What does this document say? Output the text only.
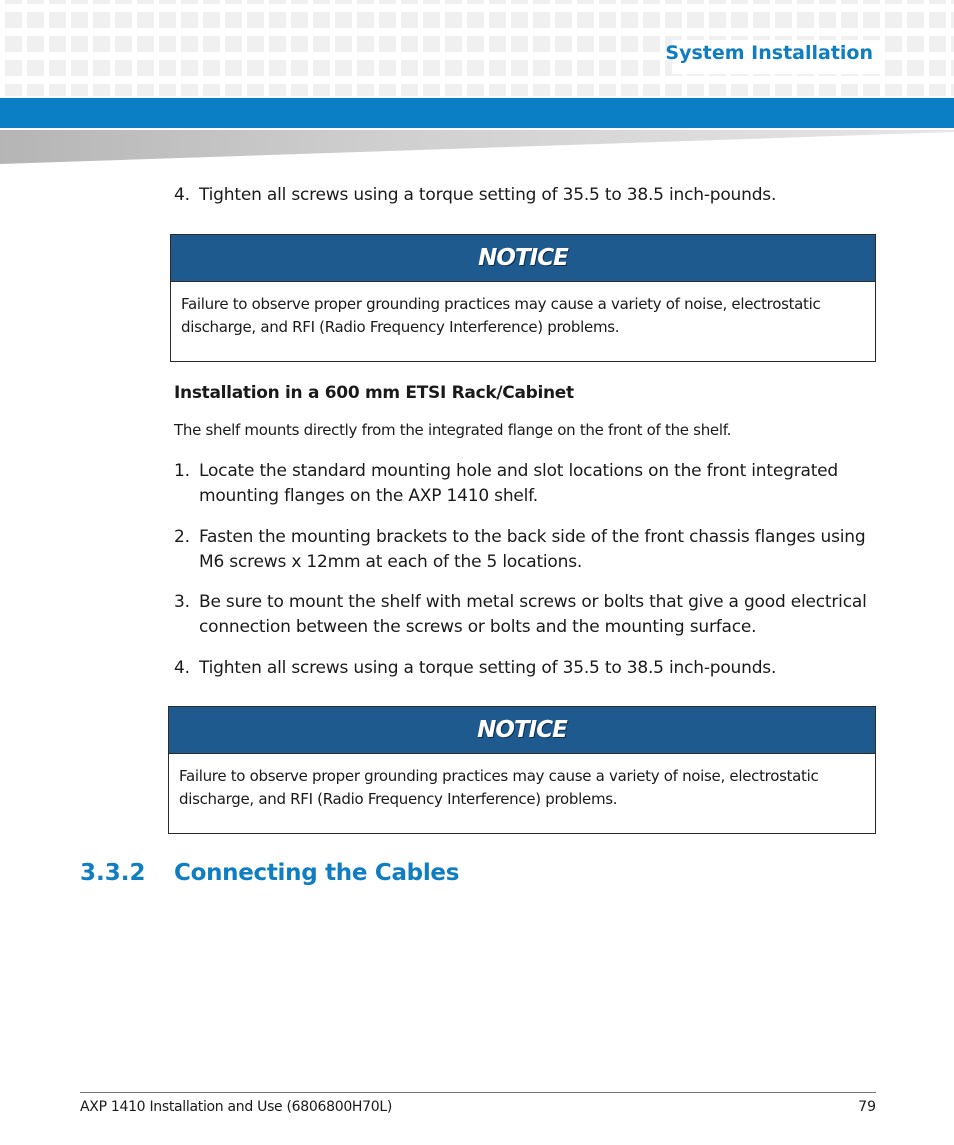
System Installation
4. Tighten all screws using a torque setting of 35.5 to 38.5 inch-pounds.
NOTICE
Failure to observe proper grounding practices may cause a variety of noise, electrostatic discharge, and RFI (Radio Frequency Interference) problems.
Installation in a 600 mm ETSI Rack/Cabinet
The shelf mounts directly from the integrated flange on the front of the shelf.
1. Locate the standard mounting hole and slot locations on the front integrated mounting flanges on the AXP 1410 shelf.
2. Fasten the mounting brackets to the back side of the front chassis flanges using M6 screws x 12mm at each of the 5 locations.
3. Be sure to mount the shelf with metal screws or bolts that give a good electrical connection between the screws or bolts and the mounting surface.
4. Tighten all screws using a torque setting of 35.5 to 38.5 inch-pounds.
NOTICE
Failure to observe proper grounding practices may cause a variety of noise, electrostatic discharge, and RFI (Radio Frequency Interference) problems.
3.3.2 Connecting the Cables
AXP 1410 Installation and Use (6806800H70L)	79
